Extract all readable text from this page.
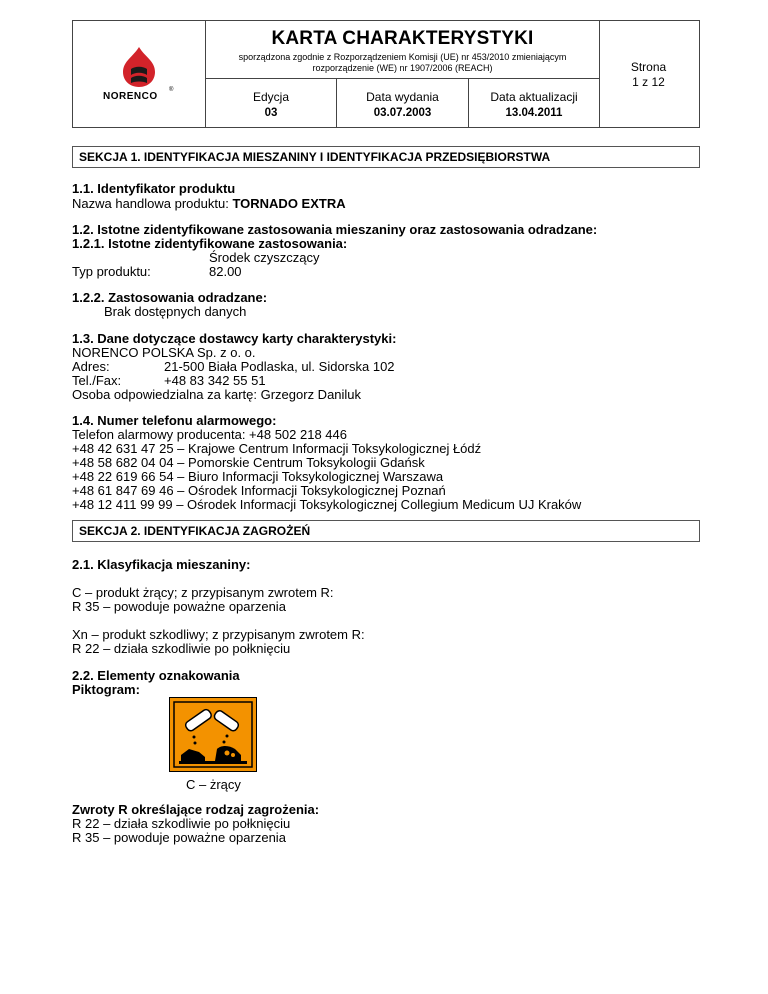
NORENCO
®
KARTA CHARAKTERYSTYKI
sporządzona zgodnie z Rozporządzeniem Komisji (UE) nr 453/2010 zmieniającym
rozporządzenie (WE) nr 1907/2006 (REACH)
Edycja
03
Data wydania
03.07.2003
Data aktualizacji
13.04.2011
Strona
1 z 12
SEKCJA 1. IDENTYFIKACJA MIESZANINY I IDENTYFIKACJA PRZEDSIĘBIORSTWA
1.1. Identyfikator produktu
Nazwa handlowa produktu: TORNADO EXTRA
1.2. Istotne zidentyfikowane zastosowania mieszaniny oraz zastosowania odradzane:
1.2.1. Istotne zidentyfikowane zastosowania:
Środek czyszczący
Typ produktu:	82.00
1.2.2. Zastosowania odradzane:
Brak dostępnych danych
1.3. Dane dotyczące dostawcy karty charakterystyki:
NORENCO POLSKA Sp. z o. o.
Adres:	21-500 Biała Podlaska, ul. Sidorska 102
Tel./Fax:	+48 83 342 55 51
Osoba odpowiedzialna za kartę: Grzegorz Daniluk
1.4. Numer telefonu alarmowego:
Telefon alarmowy producenta: +48 502 218 446
+48 42 631 47 25 – Krajowe Centrum Informacji Toksykologicznej Łódź
+48 58 682 04 04 – Pomorskie Centrum Toksykologii Gdańsk
+48 22 619 66 54 – Biuro Informacji Toksykologicznej Warszawa
+48 61 847 69 46 – Ośrodek Informacji Toksykologicznej Poznań
+48 12 411 99 99 – Ośrodek Informacji Toksykologicznej Collegium Medicum UJ Kraków
SEKCJA 2. IDENTYFIKACJA ZAGROŻEŃ
2.1. Klasyfikacja mieszaniny:
C – produkt żrący; z przypisanym zwrotem R:
R 35 – powoduje poważne oparzenia
Xn – produkt szkodliwy; z przypisanym zwrotem R:
R 22 – działa szkodliwie po połknięciu
2.2. Elementy oznakowania
Piktogram:
C – żrący
Zwroty R określające rodzaj zagrożenia:
R 22 – działa szkodliwie po połknięciu
R 35 – powoduje poważne oparzenia
